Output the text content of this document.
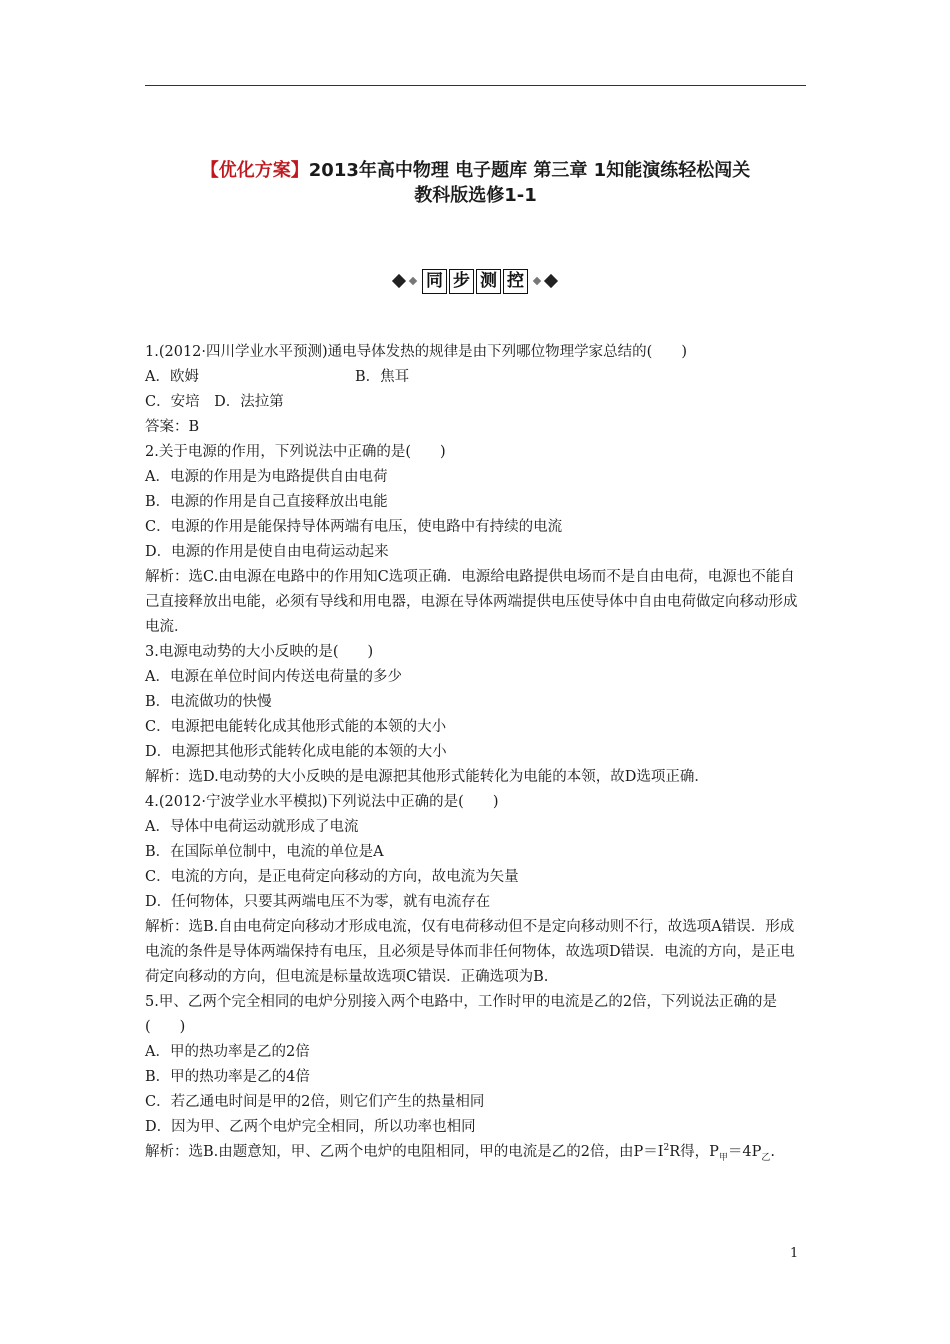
【优化方案】2013年高中物理 电子题库 第三章 1知能演练轻松闯关
教科版选修1-1
同 步 测 控

1.(2012·四川学业水平预测)通电导体发热的规律是由下列哪位物理学家总结的(　　)

A．欧姆	B．焦耳

C．安培　D．法拉第

答案：B

2.关于电源的作用，下列说法中正确的是(　　)

A．电源的作用是为电路提供自由电荷

B．电源的作用是自己直接释放出电能

C．电源的作用是能保持导体两端有电压，使电路中有持续的电流

D．电源的作用是使自由电荷运动起来

解析：选C.由电源在电路中的作用知C选项正确．电源给电路提供电场而不是自由电荷，电源也不能自己直接释放出电能，必须有导线和用电器，电源在导体两端提供电压使导体中自由电荷做定向移动形成电流．

3.电源电动势的大小反映的是(　　)

A．电源在单位时间内传送电荷量的多少

B．电流做功的快慢

C．电源把电能转化成其他形式能的本领的大小

D．电源把其他形式能转化成电能的本领的大小

解析：选D.电动势的大小反映的是电源把其他形式能转化为电能的本领，故D选项正确．

4.(2012·宁波学业水平模拟)下列说法中正确的是(　　)

A．导体中电荷运动就形成了电流

B．在国际单位制中，电流的单位是A

C．电流的方向，是正电荷定向移动的方向，故电流为矢量

D．任何物体，只要其两端电压不为零，就有电流存在

解析：选B.自由电荷定向移动才形成电流，仅有电荷移动但不是定向移动则不行，故选项A错误．形成电流的条件是导体两端保持有电压，且必须是导体而非任何物体，故选项D错误．电流的方向，是正电荷定向移动的方向，但电流是标量故选项C错误．正确选项为B.

5.甲、乙两个完全相同的电炉分别接入两个电路中，工作时甲的电流是乙的2倍，下列说法正确的是(　　)

A．甲的热功率是乙的2倍

B．甲的热功率是乙的4倍

C．若乙通电时间是甲的2倍，则它们产生的热量相同

D．因为甲、乙两个电炉完全相同，所以功率也相同

解析：选B.由题意知，甲、乙两个电炉的电阻相同，甲的电流是乙的2倍，由$P=I^2R$得，$P_甲=4P_乙$.

1
